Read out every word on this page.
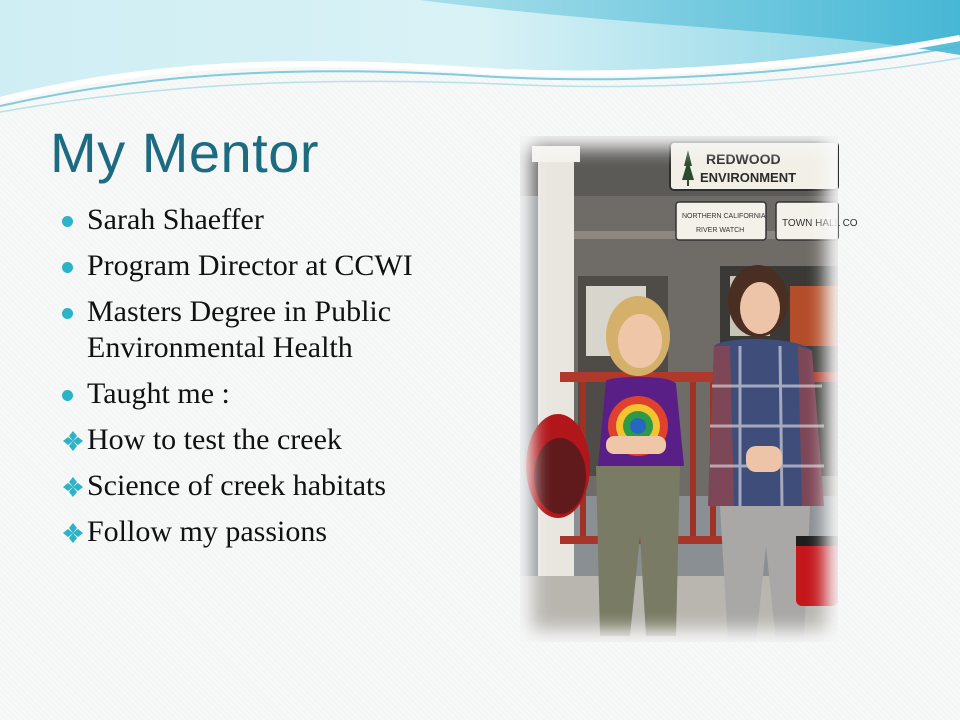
My Mentor
Sarah Shaeffer
Program Director at CCWI
Masters Degree in Public Environmental Health
Taught me :
How to test the creek
Science of creek habitats
Follow my passions
REDWOOD
ENVIRONMENT
NORTHERN CALIFORNIA
RIVER WATCH
TOWN HALL CO
